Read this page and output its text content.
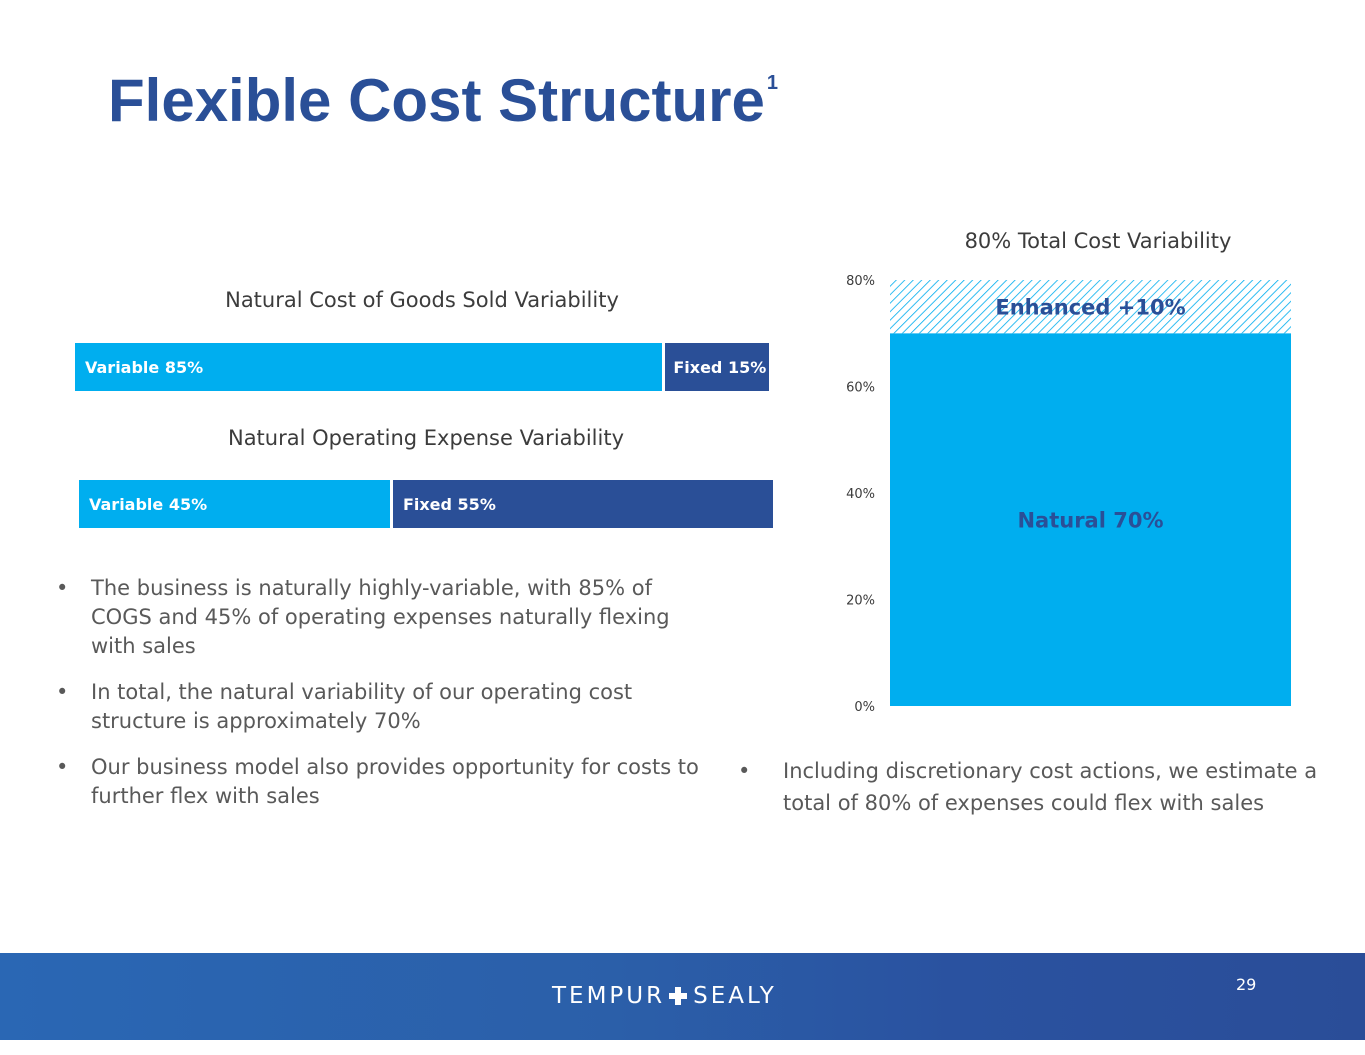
Flexible Cost Structure $^1$
Natural Cost of Goods Sold Variability
Variable 85%	Fixed 15%
Natural Operating Expense Variability
Variable 45%	Fixed 55%
• The business is naturally highly-variable, with 85% of COGS and 45% of operating expenses naturally flexing with sales
• In total, the natural variability of our operating cost structure is approximately 70%
• Our business model also provides opportunity for costs to further flex with sales
80% Total Cost Variability
0%
20%
40%
60%
80%
Natural 70%
Enhanced +10%
• Including discretionary cost actions, we estimate a total of 80% of expenses could flex with sales
TEMPUR SEALY	29
